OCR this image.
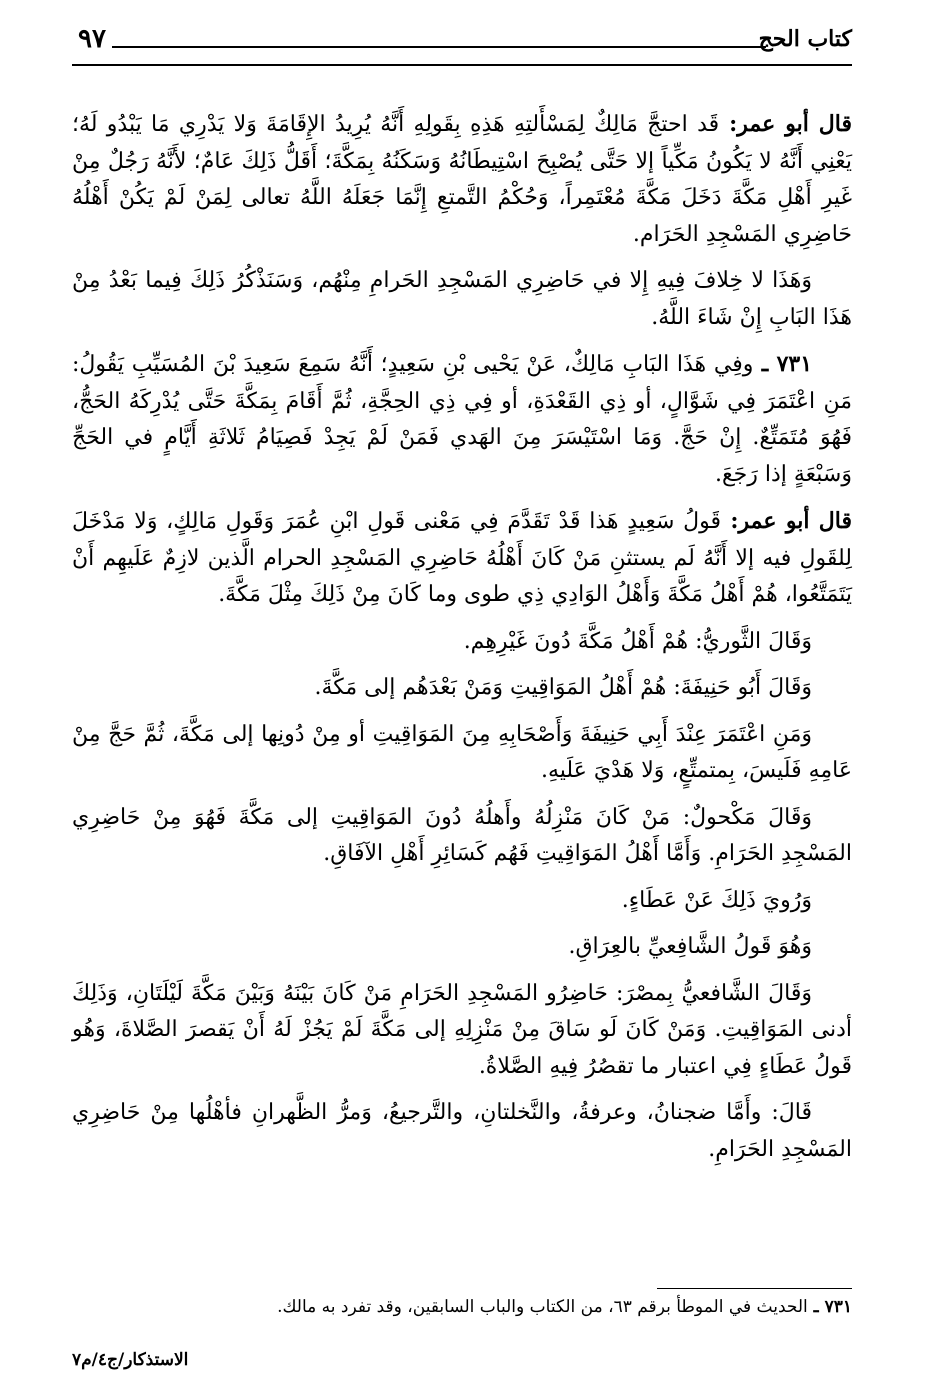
كتاب الحج
٩٧

قال أبو عمر: قَد احتجَّ مَالِكٌ لِمَسْأَلتِهِ هَذِهِ بِقَولِهِ أَنَّهُ يُرِيدُ الإِقَامَةَ وَلا يَدْرِي مَا يَبْدُو لَهُ؛ يَعْنِي أَنَّهُ لا يَكُونُ مَكِّياً إلا حَتَّى يُصْبِحَ اسْتِيطَانُهُ وَسَكَنُهُ بِمَكَّةَ؛ أَقَلُّ ذَلِكَ عَامٌ؛ لأَنَّهُ رَجُلٌ مِنْ غَيرِ أَهْلِ مَكَّةَ دَخَلَ مَكَّةَ مُعْتَمِراً، وَحُكْمُ التَّمتعِ إِنَّمَا جَعَلَهُ اللَّهُ تعالى لِمَنْ لَمْ يَكُنْ أَهْلُهُ حَاضِرِي المَسْجِدِ الحَرَام.

وَهَذَا لا خِلافَ فِيهِ إِلا في حَاضِرِي المَسْجِدِ الحَرامِ مِنْهُم، وَسَنَذْكُرُ ذَلِكَ فِيما بَعْدُ مِنْ هَذَا البَابِ إِنْ شَاءَ اللَّهُ.

٧٣١ ـ وفِي هَذَا البَابِ مَالِكٌ، عَنْ يَحْيى بْنِ سَعِيدٍ؛ أَنَّهُ سَمِعَ سَعِيدَ بْنَ المُسَيِّبِ يَقُولُ: مَنِ اعْتَمَرَ فِي شَوَّالٍ، أو ذِي القَعْدَةِ، أو فِي ذِي الحِجَّةِ، ثُمَّ أَقَامَ بِمَكَّةَ حَتَّى يُدْرِكَهُ الحَجُّ، فَهُوَ مُتَمَتِّعٌ. إِنْ حَجَّ. وَمَا اسْتَيْسَرَ مِنَ الهَدي فَمَنْ لَمْ يَجِدْ فَصِيَامُ ثَلاثَةِ أَيَّامٍ في الحَجِّ وَسَبْعَةٍ إذا رَجَعَ.

قال أبو عمر: قَولُ سَعِيدٍ هَذا قَدْ تَقَدَّمَ فِي مَعْنى قَولِ ابْنِ عُمَرَ وَقَولِ مَالِكٍ، وَلا مَدْخَلَ لِلقَولِ فيه إلا أَنَّهُ لَم يستثنِ مَنْ كَانَ أَهْلُهُ حَاضِرِي المَسْجِدِ الحرام الَّذين لازِمٌ عَلَيهِم أَنْ يَتَمَتَّعُوا، هُمْ أَهْلُ مَكَّةَ وَأَهْلُ الوَادِي ذِي طوى وما كَانَ مِنْ ذَلِكَ مِثْلَ مَكَّةَ.

وَقَالَ الثَّوريُّ: هُمْ أَهْلُ مَكَّةَ دُونَ غَيْرِهِم.

وَقَالَ أَبُو حَنِيفَةَ: هُمْ أَهْلُ المَوَاقِيتِ وَمَنْ بَعْدَهُم إلى مَكَّةَ.

وَمَنِ اعْتَمَرَ عِنْدَ أَبِي حَنِيفَةَ وَأَصْحَابِهِ مِنَ المَوَاقِيتِ أو مِنْ دُونِها إلى مَكَّةَ، ثُمَّ حَجَّ مِنْ عَامِهِ فَلَيسَ، بِمتمتِّعٍ، وَلا هَدْيَ عَلَيهِ.

وَقَالَ مَكْحولٌ: مَنْ كَانَ مَنْزِلُهُ وأَهلُهُ دُونَ المَوَاقِيتِ إلى مَكَّةَ فَهُوَ مِنْ حَاضِرِي المَسْجِدِ الحَرَامِ. وَأَمَّا أَهْلُ المَوَاقِيتِ فَهُم كَسَائِرِ أَهْلِ الآفَاقِ.

وَرُويَ ذَلِكَ عَنْ عَطَاءٍ.

وَهُوَ قَولُ الشَّافِعيِّ بالعِرَاقِ.

وَقَالَ الشَّافعيُّ بِمصْرَ: حَاضِرُو المَسْجِدِ الحَرَامِ مَنْ كَانَ بَيْنَهُ وَبَيْنَ مَكَّةَ لَيْلَتَانِ، وَذَلِكَ أدنى المَوَاقِيتِ. وَمَنْ كَانَ لَو سَاقَ مِنْ مَنْزِلِهِ إلى مَكَّةَ لَمْ يَجُزْ لَهُ أَنْ يَقصرَ الصَّلاةَ، وَهُو قَولُ عَطَاءٍ فِي اعتبار ما تقصُرُ فِيهِ الصَّلاةُ.

قَالَ: وأَمَّا ضجنانُ، وعرفةُ، والنَّخلتانِ، والتَّرجيعُ، وَمرُّ الظَّهرانِ فأهْلُها مِنْ حَاضِرِي المَسْجِدِ الحَرَامِ.

٧٣١ ـ الحديث في الموطأ برقم ٦٣، من الكتاب والباب السابقين، وقد تفرد به مالك.
الاستذكار/ج٤/م٧
